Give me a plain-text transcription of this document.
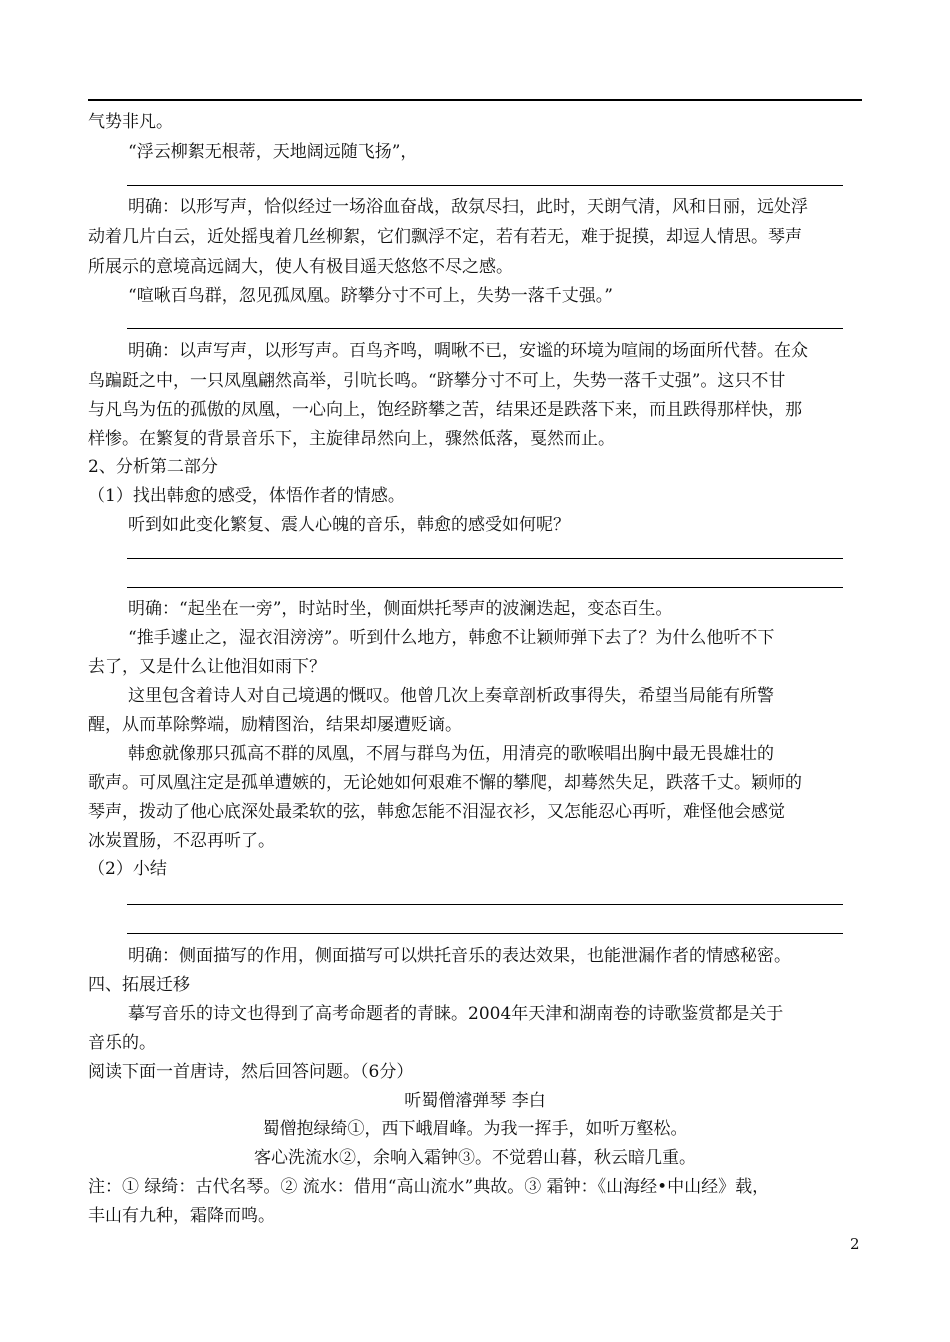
气势非凡。
“浮云柳絮无根蒂，天地阔远随飞扬”，
明确：以形写声，恰似经过一场浴血奋战，敌氛尽扫，此时，天朗气清，风和日丽，远处浮
动着几片白云，近处摇曳着几丝柳絮，它们飘浮不定，若有若无，难于捉摸，却逗人情思。琴声
所展示的意境高远阔大，使人有极目遥天悠悠不尽之感。
“喧啾百鸟群，忽见孤凤凰。跻攀分寸不可上，失势一落千丈强。”
明确：以声写声，以形写声。百鸟齐鸣，啁啾不已，安谧的环境为喧闹的场面所代替。在众
鸟蹁跹之中，一只凤凰翩然高举，引吭长鸣。“跻攀分寸不可上，失势一落千丈强”。这只不甘
与凡鸟为伍的孤傲的凤凰，一心向上，饱经跻攀之苦，结果还是跌落下来，而且跌得那样快，那
样惨。在繁复的背景音乐下，主旋律昂然向上，骤然低落，戛然而止。
2、分析第二部分
（1）找出韩愈的感受，体悟作者的情感。
听到如此变化繁复、震人心魄的音乐，韩愈的感受如何呢？
明确：“起坐在一旁”，时站时坐，侧面烘托琴声的波澜迭起，变态百生。
“推手遽止之，湿衣泪滂滂”。听到什么地方，韩愈不让颖师弹下去了？为什么他听不下
去了，又是什么让他泪如雨下？
这里包含着诗人对自己境遇的慨叹。他曾几次上奏章剖析政事得失，希望当局能有所警
醒，从而革除弊端，励精图治，结果却屡遭贬谪。
韩愈就像那只孤高不群的凤凰，不屑与群鸟为伍，用清亮的歌喉唱出胸中最无畏雄壮的
歌声。可凤凰注定是孤单遭嫉的，无论她如何艰难不懈的攀爬，却蓦然失足，跌落千丈。颖师的
琴声，拨动了他心底深处最柔软的弦，韩愈怎能不泪湿衣衫，又怎能忍心再听，难怪他会感觉
冰炭置肠，不忍再听了。
（2）小结
明确：侧面描写的作用，侧面描写可以烘托音乐的表达效果，也能泄漏作者的情感秘密。
四、拓展迁移
摹写音乐的诗文也得到了高考命题者的青睐。2004年天津和湖南卷的诗歌鉴赏都是关于
音乐的。
阅读下面一首唐诗，然后回答问题。（6分）
听蜀僧濬弹琴 李白
蜀僧抱绿绮①，西下峨眉峰。为我一挥手，如听万壑松。
客心洗流水②，余响入霜钟③。不觉碧山暮，秋云暗几重。
注：① 绿绮：古代名琴。② 流水：借用“高山流水”典故。③ 霜钟：《山海经•中山经》载，
丰山有九种，霜降而鸣。
2
